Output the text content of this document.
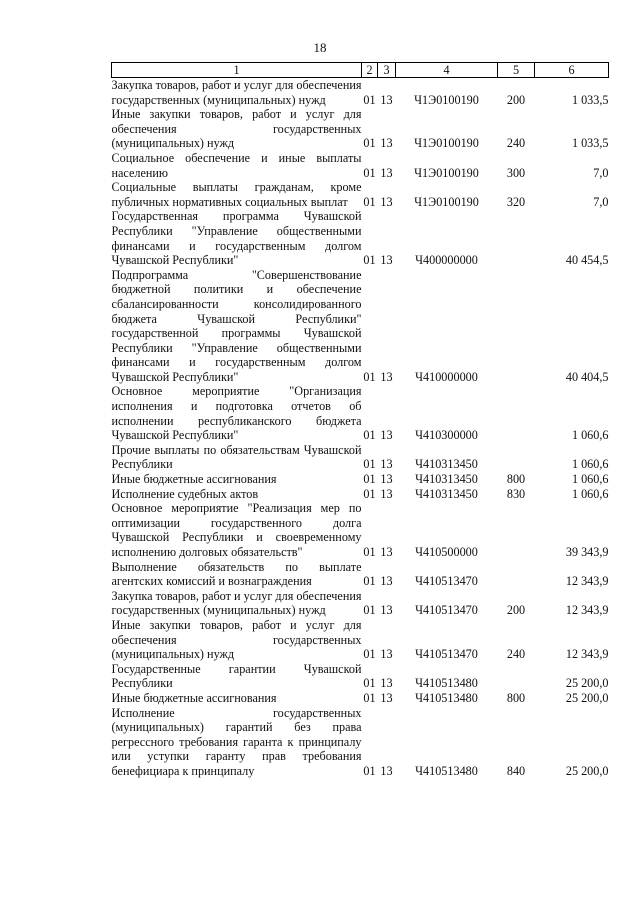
18
1	2	3	4	5	6
Закупка товаров, работ и услуг для обеспечения государственных (муниципальных) нужд	01	13	Ч1Э0100190	200	1 033,5
Иные закупки товаров, работ и услуг для обеспечения государственных (муниципальных) нужд	01	13	Ч1Э0100190	240	1 033,5
Социальное обеспечение и иные выплаты населению	01	13	Ч1Э0100190	300	7,0
Социальные выплаты гражданам, кроме публичных нормативных социальных выплат	01	13	Ч1Э0100190	320	7,0
Государственная программа Чувашской Республики "Управление общественными финансами и государственным долгом Чувашской Республики"	01	13	Ч400000000		40 454,5
Подпрограмма "Совершенствование бюджетной политики и обеспечение сбалансированности консолидированного бюджета Чувашской Республики" государственной программы Чувашской Республики "Управление общественными финансами и государственным долгом Чувашской Республики"	01	13	Ч410000000		40 404,5
Основное мероприятие "Организация исполнения и подготовка отчетов об исполнении республиканского бюджета Чувашской Республики"	01	13	Ч410300000		1 060,6
Прочие выплаты по обязательствам Чувашской Республики	01	13	Ч410313450		1 060,6
Иные бюджетные ассигнования	01	13	Ч410313450	800	1 060,6
Исполнение судебных актов	01	13	Ч410313450	830	1 060,6
Основное мероприятие "Реализация мер по оптимизации государственного долга Чувашской Республики и своевременному исполнению долговых обязательств"	01	13	Ч410500000		39 343,9
Выполнение обязательств по выплате агентских комиссий и вознаграждения	01	13	Ч410513470		12 343,9
Закупка товаров, работ и услуг для обеспечения государственных (муниципальных) нужд	01	13	Ч410513470	200	12 343,9
Иные закупки товаров, работ и услуг для обеспечения государственных (муниципальных) нужд	01	13	Ч410513470	240	12 343,9
Государственные гарантии Чувашской Республики	01	13	Ч410513480		25 200,0
Иные бюджетные ассигнования	01	13	Ч410513480	800	25 200,0
Исполнение государственных (муниципальных) гарантий без права регрессного требования гаранта к принципалу или уступки гаранту прав требования бенефициара к принципалу	01	13	Ч410513480	840	25 200,0
